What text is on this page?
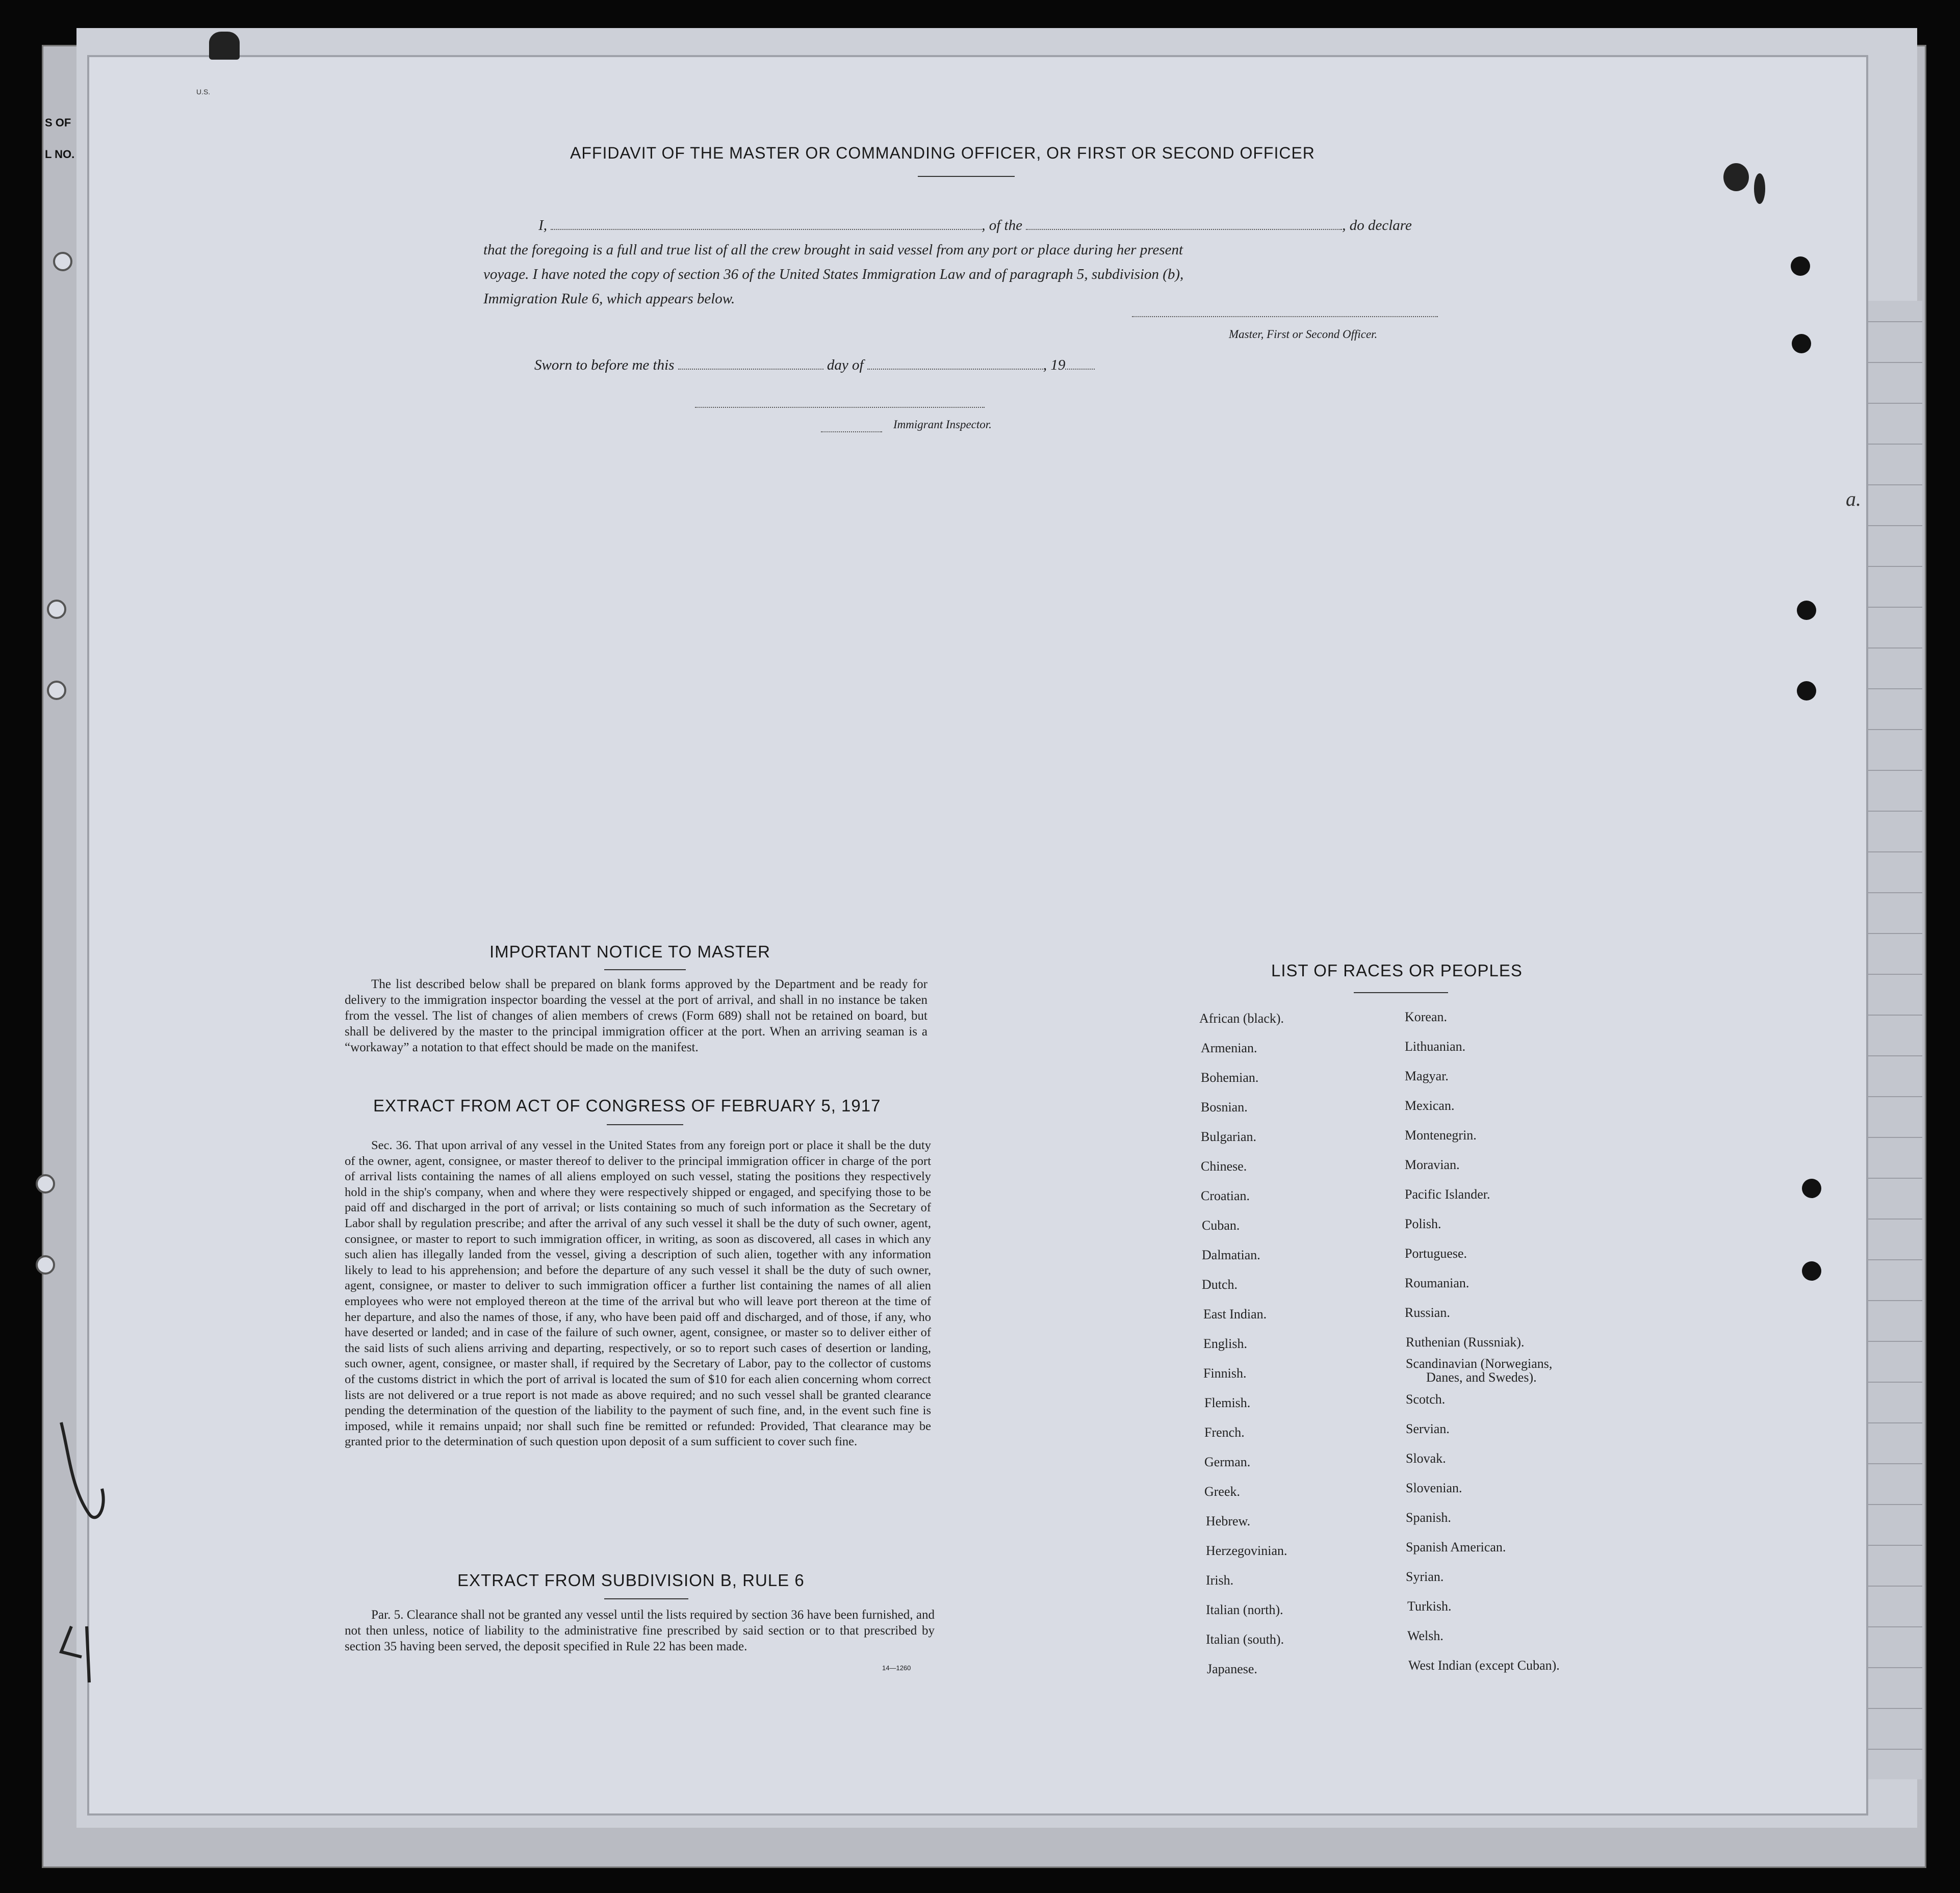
S OF
L NO.
a.
U.S.
AFFIDAVIT OF THE MASTER OR COMMANDING OFFICER, OR FIRST OR SECOND OFFICER
I,	, of the	, do declare
that the foregoing is a full and true list of all the crew brought in said vessel from any port or place during her present
voyage. I have noted the copy of section 36 of the United States Immigration Law and of paragraph 5, subdivision (b),
Immigration Rule 6, which appears below.
Master, First or Second Officer.
Sworn to before me this	day of	, 19
Immigrant Inspector.
IMPORTANT NOTICE TO MASTER
The list described below shall be prepared on blank forms approved by the Department and be ready for delivery to the immigration inspector boarding the vessel at the port of arrival, and shall in no instance be taken from the vessel. The list of changes of alien members of crews (Form 689) shall not be retained on board, but shall be delivered by the master to the principal immigration officer at the port. When an arriving seaman is a “workaway” a notation to that effect should be made on the manifest.
EXTRACT FROM ACT OF CONGRESS OF FEBRUARY 5, 1917
Sec. 36. That upon arrival of any vessel in the United States from any foreign port or place it shall be the duty of the owner, agent, consignee, or master thereof to deliver to the principal immigration officer in charge of the port of arrival lists containing the names of all aliens employed on such vessel, stating the positions they respectively hold in the ship's company, when and where they were respectively shipped or engaged, and specifying those to be paid off and discharged in the port of arrival; or lists containing so much of such information as the Secretary of Labor shall by regulation prescribe; and after the arrival of any such vessel it shall be the duty of such owner, agent, consignee, or master to report to such immigration officer, in writing, as soon as discovered, all cases in which any such alien has illegally landed from the vessel, giving a description of such alien, together with any information likely to lead to his apprehension; and before the departure of any such vessel it shall be the duty of such owner, agent, consignee, or master to deliver to such immigration officer a further list containing the names of all alien employees who were not employed thereon at the time of the arrival but who will leave port thereon at the time of her departure, and also the names of those, if any, who have been paid off and discharged, and of those, if any, who have deserted or landed; and in case of the failure of such owner, agent, consignee, or master so to deliver either of the said lists of such aliens arriving and departing, respectively, or so to report such cases of desertion or landing, such owner, agent, consignee, or master shall, if required by the Secretary of Labor, pay to the collector of customs of the customs district in which the port of arrival is located the sum of $10 for each alien concerning whom correct lists are not delivered or a true report is not made as above required; and no such vessel shall be granted clearance pending the determination of the question of the liability to the payment of such fine, and, in the event such fine is imposed, while it remains unpaid; nor shall such fine be remitted or refunded: Provided, That clearance may be granted prior to the determination of such question upon deposit of a sum sufficient to cover such fine.
EXTRACT FROM SUBDIVISION B, RULE 6
Par. 5. Clearance shall not be granted any vessel until the lists required by section 36 have been furnished, and not then unless, notice of liability to the administrative fine prescribed by said section or to that prescribed by section 35 having been served, the deposit specified in Rule 22 has been made.
14—1260
LIST OF RACES OR PEOPLES
African (black).
Armenian.
Bohemian.
Bosnian.
Bulgarian.
Chinese.
Croatian.
Cuban.
Dalmatian.
Dutch.
East Indian.
English.
Finnish.
Flemish.
French.
German.
Greek.
Hebrew.
Herzegovinian.
Irish.
Italian (north).
Italian (south).
Japanese.
Korean.
Lithuanian.
Magyar.
Mexican.
Montenegrin.
Moravian.
Pacific Islander.
Polish.
Portuguese.
Roumanian.
Russian.
Ruthenian (Russniak).
Scandinavian (Norwegians,
Danes, and Swedes).
Scotch.
Servian.
Slovak.
Slovenian.
Spanish.
Spanish American.
Syrian.
Turkish.
Welsh.
West Indian (except Cuban).
